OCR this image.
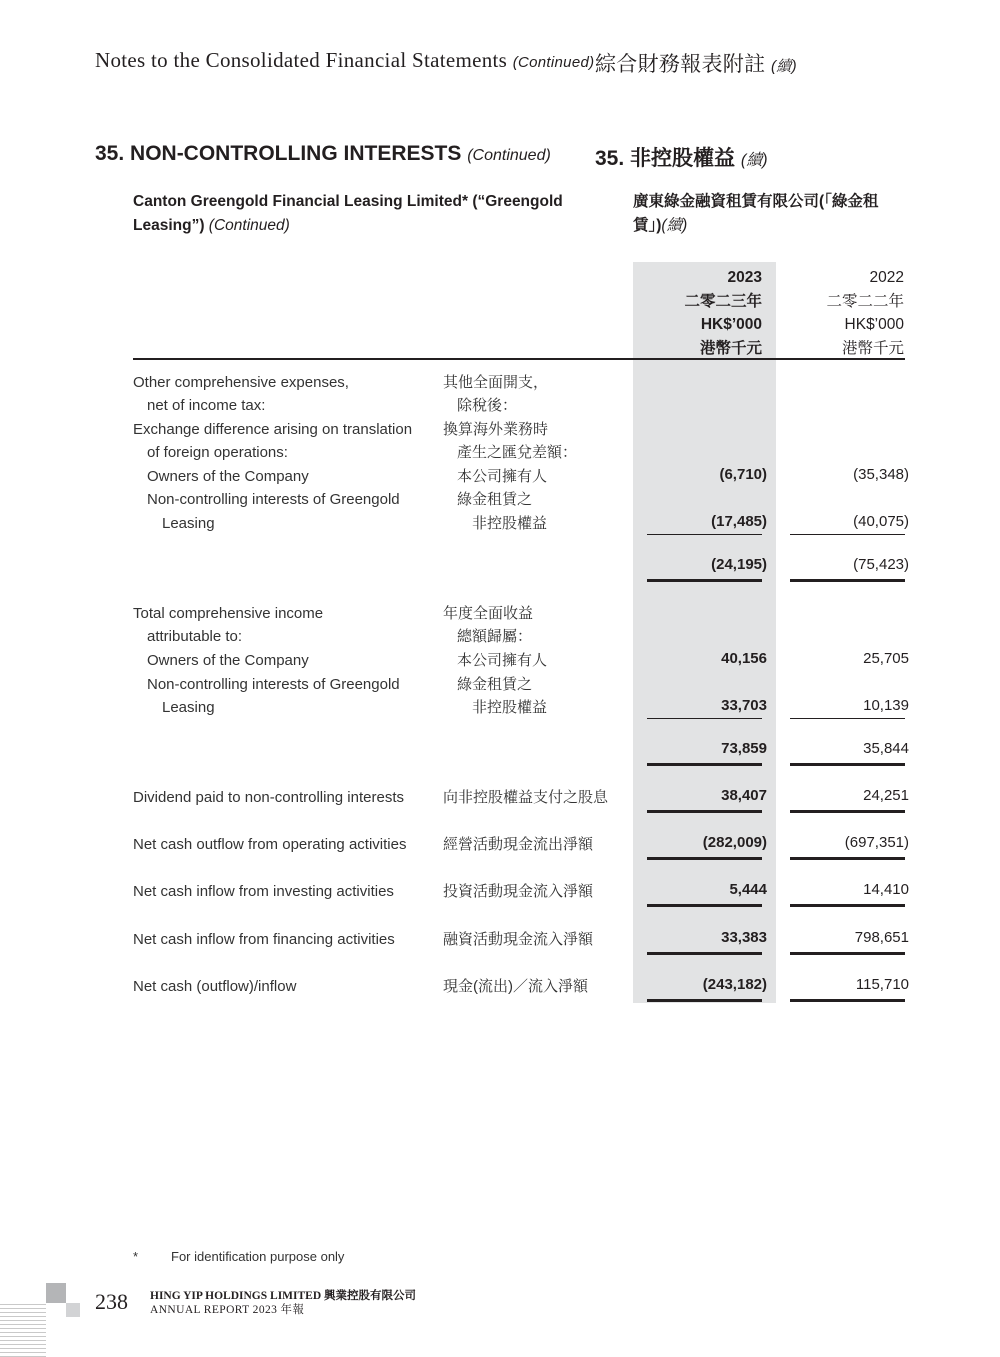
Notes to the Consolidated Financial Statements (Continued) 綜合財務報表附註 (續)
35. NON-CONTROLLING INTERESTS (Continued) 35. 非控股權益 (續)
Canton Greengold Financial Leasing Limited* (“Greengold
Leasing”) (Continued)
廣東綠金融資租賃有限公司(「綠金租
賃」)(續)
2023
二零二三年
HK$’000
港幣千元
2022
二零二二年
HK$’000
港幣千元
Other comprehensive expenses,
net of income tax:
Exchange difference arising on translation
of foreign operations:
Owners of the Company
Non-controlling interests of Greengold
Leasing
其他全面開支，
除稅後：
換算海外業務時
產生之匯兌差額：
本公司擁有人
綠金租賃之
非控股權益
Total comprehensive income
attributable to:
Owners of the Company
Non-controlling interests of Greengold
Leasing
年度全面收益
總額歸屬：
本公司擁有人
綠金租賃之
非控股權益
Dividend paid to non-controlling interests
Net cash outflow from operating activities
Net cash inflow from investing activities
Net cash inflow from financing activities
Net cash (outflow)/inflow
向非控股權益支付之股息
經營活動現金流出淨額
投資活動現金流入淨額
融資活動現金流入淨額
現金(流出)／流入淨額
(6,710)
(17,485)
(24,195)
40,156
33,703
73,859
38,407
(282,009)
5,444
33,383
(243,182)
(35,348)
(40,075)
(75,423)
25,705
10,139
35,844
24,251
(697,351)
14,410
798,651
115,710
*	For identification purpose only
238 HING YIP HOLDINGS LIMITED 興業控股有限公司
ANNUAL REPORT 2023 年報
